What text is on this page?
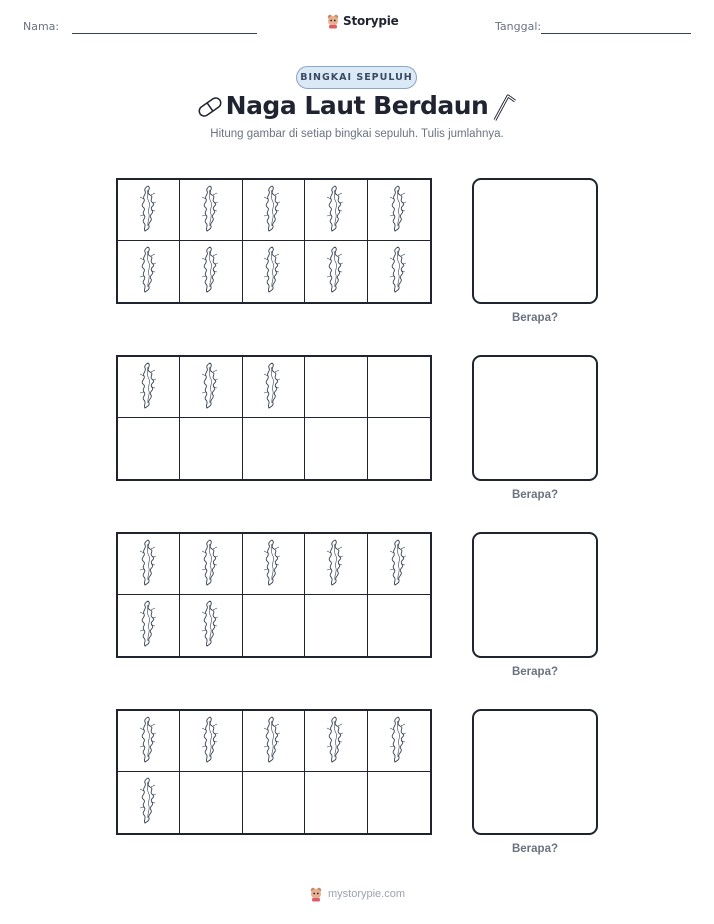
Nama:	Storypie	Tanggal:
BINGKAI SEPULUH
Naga Laut Berdaun
Hitung gambar di setiap bingkai sepuluh. Tulis jumlahnya.
Berapa?
Berapa?
Berapa?
Berapa?
mystorypie.com
